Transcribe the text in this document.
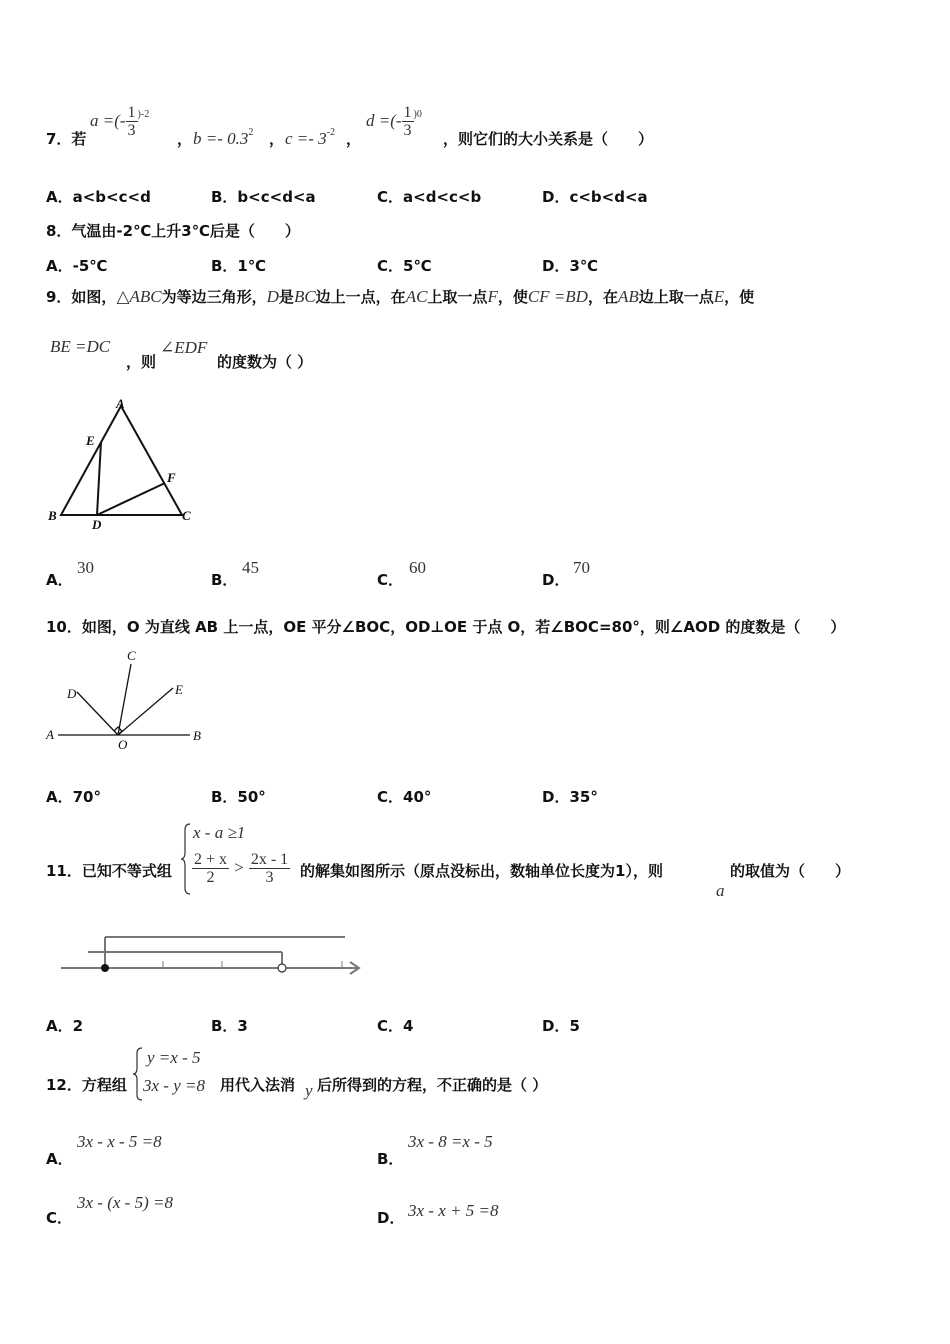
7．若
a =(- $\frac{1}{3} ^{)-2}$
， $b =- 0.3^2$ ， $c =- 3^{-2}$ ，
d =(- $\frac{1}{3} ^{)0}$
，则它们的大小关系是（　　）
A．a<b<c<d	B．b<c<d<a	C．a<d<c<b	D．c<b<d<a
8．气温由-2℃上升3℃后是（　　）
A．-5℃	B．1℃	C．5℃	D．3℃
9．如图，△ABC为等边三角形，D是BC边上一点，在AC上取一点F，使CF =BD，在AB边上取一点E，使
BE =DC
，则
∠EDF
的度数为（ ）
A
E
F
B
D
C
A．
30
B．
45
C．
60
D．
70
10．如图，O 为直线 AB 上一点，OE 平分∠BOC，OD⊥OE 于点 O，若∠BOC=80°，则∠AOD 的度数是（　　）
C
D	E
A	B
O
A．70°	B．50°	C．40°	D．35°
11．已知不等式组
x - a ≥1
$\frac{2 + x}{2} > \frac{2x - 1}{3}$ 的解集如图所示（原点没标出，数轴单位长度为1），则	的取值为（　　）
a
A．2	B．3	C．4	D．5
12．方程组
y =x - 5
3x - y =8 用代入法消 y 后所得到的方程，不正确的是（ ）
A．
3x - x - 5 =8
B．
3x - 8 =x - 5
C．
3x - (x - 5) =8
D． 3x - x + 5 =8
